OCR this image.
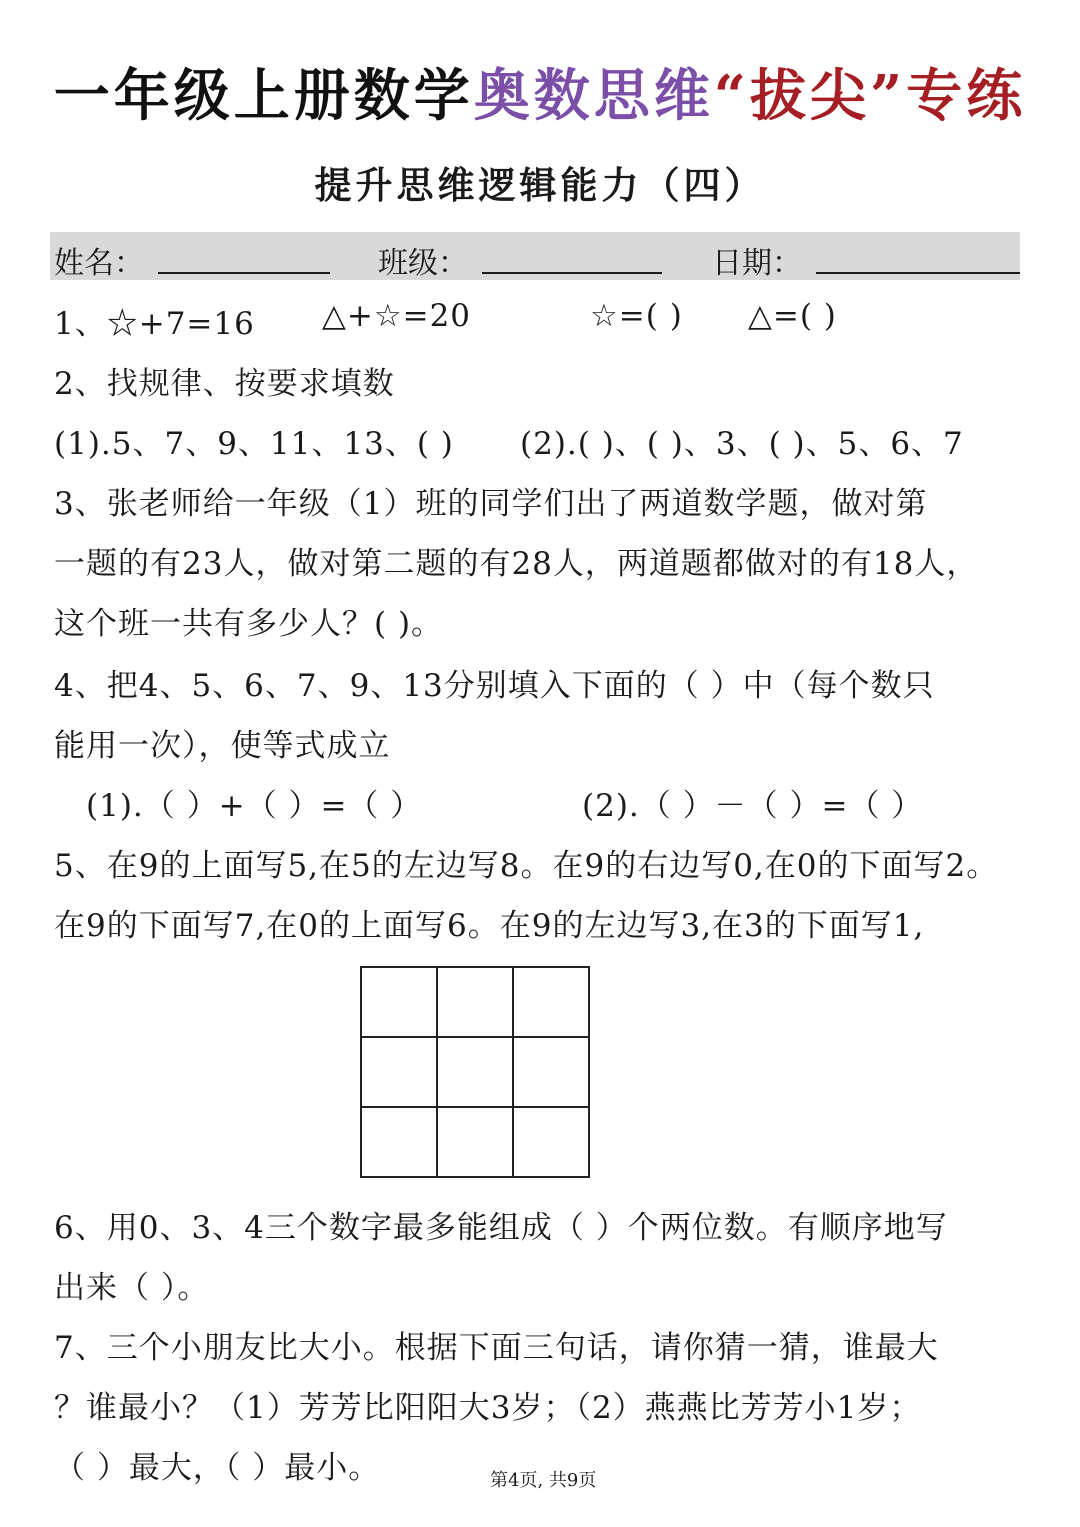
一年级上册数学奥数思维“拔尖”专练
提升思维逻辑能力（四）
姓名：	班级：	日期：
1、☆+7=16 △+☆=20	☆=( ) △=( )
2、找规律、按要求填数
(1).5、7、9、11、13、( ) (2).( )、( )、3、( )、5、6、7
3、张老师给一年级（1）班的同学们出了两道数学题，做对第
一题的有23人，做对第二题的有28人，两道题都做对的有18人，
这个班一共有多少人？( )。
4、把4、5、6、7、9、13分别填入下面的（ ）中（每个数只
能用一次），使等式成立
(1).（ ）+（ ）=（ ）	(2).（ ）－（ ）=（ ）
5、在9的上面写5,在5的左边写8。在9的右边写0,在0的下面写2。
在9的下面写7,在0的上面写6。在9的左边写3,在3的下面写1,

6、用0、3、4三个数字最多能组成（ ）个两位数。有顺序地写
出来（ ）。
7、三个小朋友比大小。根据下面三句话，请你猜一猜，谁最大
？谁最小？（1）芳芳比阳阳大3岁；（2）燕燕比芳芳小1岁；
（ ）最大，（ ）最小。	第4页, 共9页
